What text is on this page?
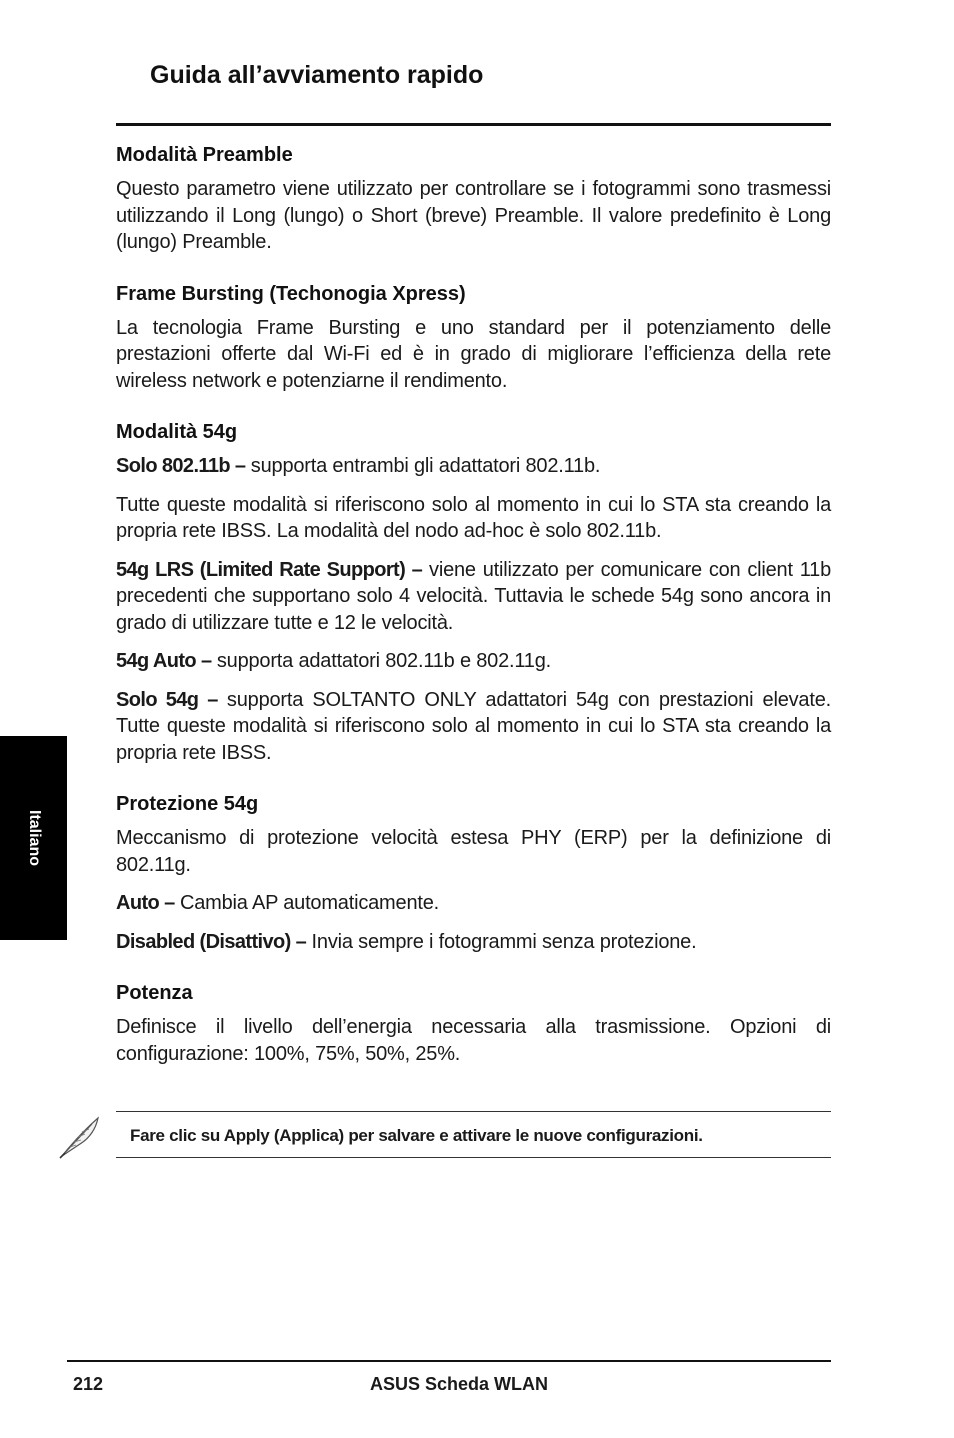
Guida all’avviamento rapido
Modalità Preamble

Questo parametro viene utilizzato per controllare se i fotogrammi sono trasmessi utilizzando il Long (lungo) o Short (breve) Preamble. Il valore predefinito è Long (lungo) Preamble.

Frame Bursting (Techonogia Xpress)

La tecnologia Frame Bursting e uno standard per il potenziamento delle prestazioni offerte dal Wi-Fi ed è in grado di migliorare l’efficienza della rete wireless network e potenziarne il rendimento.

Modalità 54g

Solo 802.11b – supporta entrambi gli adattatori 802.11b.

Tutte queste modalità si riferiscono solo al momento in cui lo STA sta creando la propria rete IBSS. La modalità del nodo ad-hoc è solo 802.11b.

54g LRS (Limited Rate Support) – viene utilizzato per comunicare con client 11b precedenti che supportano solo 4 velocità. Tuttavia le schede 54g sono ancora in grado di utilizzare tutte e 12 le velocità.

54g Auto – supporta adattatori 802.11b e 802.11g.

Solo 54g – supporta SOLTANTO ONLY adattatori 54g con prestazioni elevate. Tutte queste modalità si riferiscono solo al momento in cui lo STA sta creando la propria rete IBSS.

Protezione 54g

Meccanismo di protezione velocità estesa PHY (ERP) per la definizione di 802.11g.

Auto – Cambia AP automaticamente.

Disabled (Disattivo) – Invia sempre i fotogrammi senza protezione.

Potenza

Definisce il livello dell’energia necessaria alla trasmissione. Opzioni di configurazione: 100%, 75%, 50%, 25%.

Italiano

Fare clic su Apply (Applica) per salvare e attivare le nuove configurazioni.

212	ASUS Scheda WLAN
